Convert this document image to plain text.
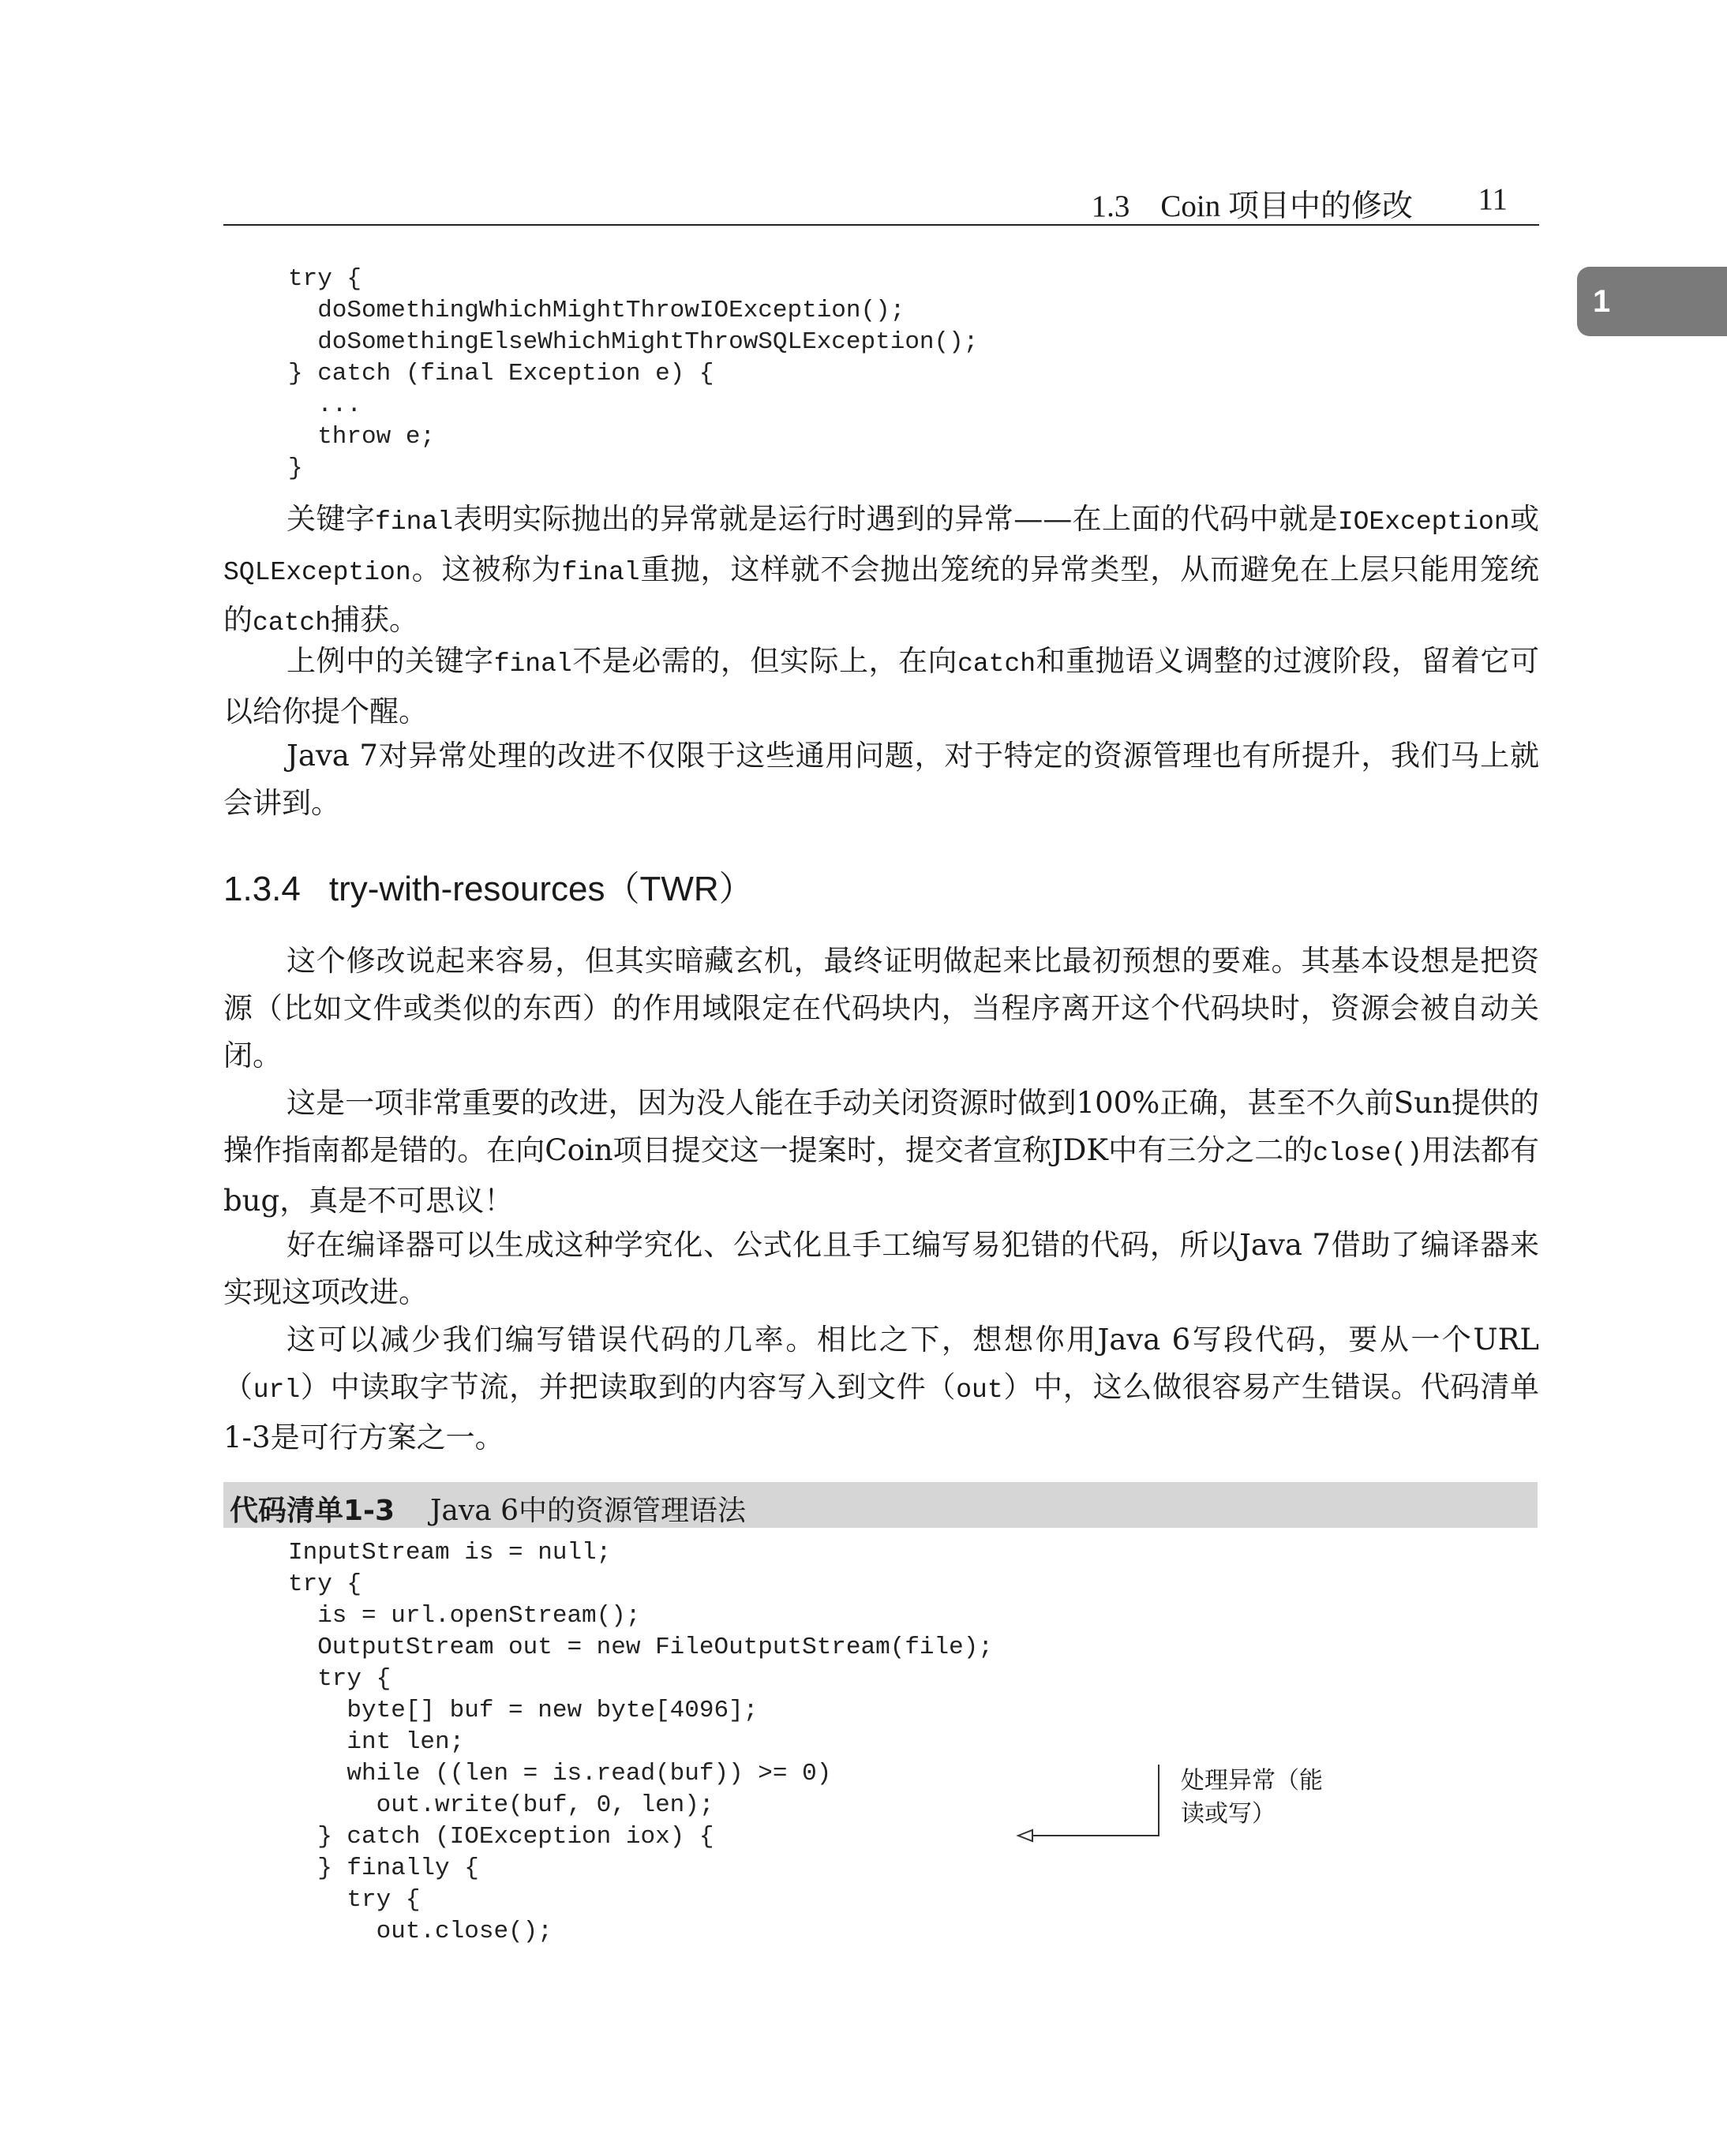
1.3　Coin 项目中的修改 11
1
try {
doSomethingWhichMightThrowIOException();
doSomethingElseWhichMightThrowSQLException();
} catch (final Exception e) {
...
throw e;
}

关键字final表明实际抛出的异常就是运行时遇到的异常——在上面的代码中就是IOException或SQLException。这被称为final重抛，这样就不会抛出笼统的异常类型，从而避免在上层只能用笼统的catch捕获。

上例中的关键字final不是必需的，但实际上，在向catch和重抛语义调整的过渡阶段，留着它可以给你提个醒。

Java 7对异常处理的改进不仅限于这些通用问题，对于特定的资源管理也有所提升，我们马上就会讲到。

1.3.4 try-with-resources（TWR）

这个修改说起来容易，但其实暗藏玄机，最终证明做起来比最初预想的要难。其基本设想是把资源（比如文件或类似的东西）的作用域限定在代码块内，当程序离开这个代码块时，资源会被自动关闭。

这是一项非常重要的改进，因为没人能在手动关闭资源时做到100%正确，甚至不久前Sun提供的操作指南都是错的。在向Coin项目提交这一提案时，提交者宣称JDK中有三分之二的close()用法都有bug，真是不可思议！

好在编译器可以生成这种学究化、公式化且手工编写易犯错的代码，所以Java 7借助了编译器来实现这项改进。

这可以减少我们编写错误代码的几率。相比之下，想想你用Java 6写段代码，要从一个URL（url）中读取字节流，并把读取到的内容写入到文件（out）中，这么做很容易产生错误。代码清单1-3是可行方案之一。

代码清单1-3 Java 6中的资源管理语法
InputStream is = null;
try {
is = url.openStream();
OutputStream out = new FileOutputStream(file);
try {
byte[] buf = new byte[4096];
int len;
while ((len = is.read(buf)) >= 0)
out.write(buf, 0, len);
} catch (IOException iox) {
} finally {
try {
out.close();
处理异常（能读或写）
